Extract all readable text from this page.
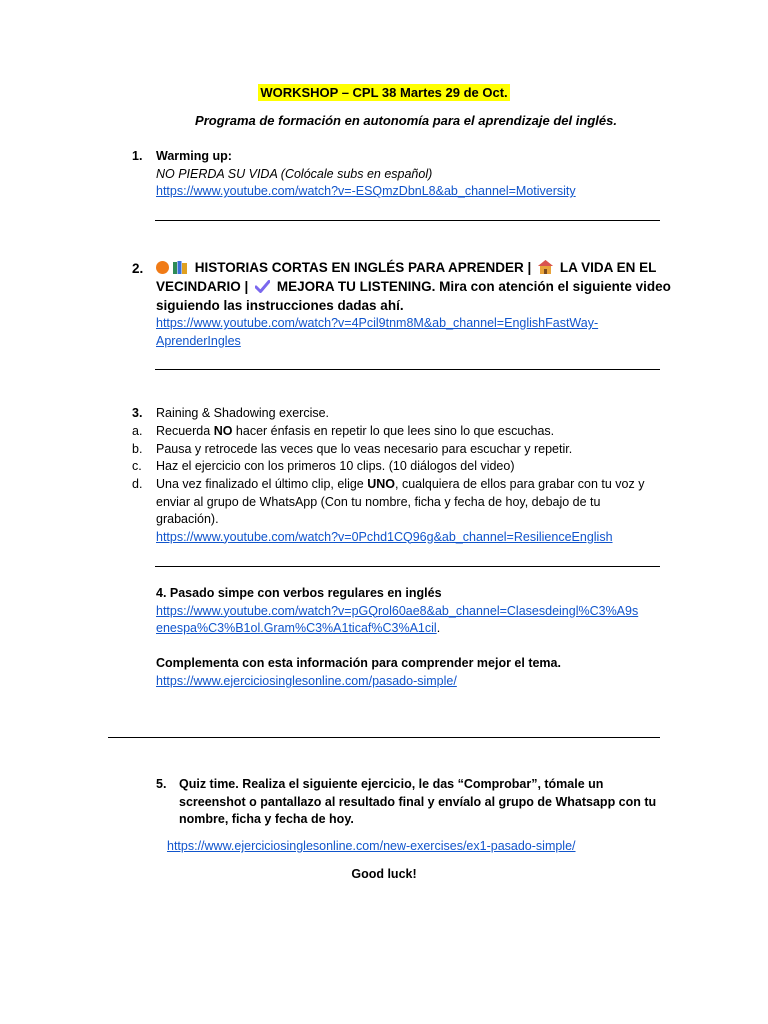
WORKSHOP – CPL 38 Martes 29 de Oct.
Programa de formación en autonomía para el aprendizaje del inglés.
1. Warming up:
NO PIERDA SU VIDA (Colócale subs en español)
https://www.youtube.com/watch?v=-ESQmzDbnL8&ab_channel=Motiversity
2.	HISTORIAS CORTAS EN INGLÉS PARA APRENDER | LA VIDA EN EL
VECINDARIO | MEJORA TU LISTENING. Mira con atención el siguiente video
siguiendo las instrucciones dadas ahí.
https://www.youtube.com/watch?v=4Pcil9tnm8M&ab_channel=EnglishFastWay-
AprenderIngles
3. Raining & Shadowing exercise.
a. Recuerda NO hacer énfasis en repetir lo que lees sino lo que escuchas.
b. Pausa y retrocede las veces que lo veas necesario para escuchar y repetir.
c. Haz el ejercicio con los primeros 10 clips. (10 diálogos del video)
d. Una vez finalizado el último clip, elige UNO, cualquiera de ellos para grabar con tu voz y
enviar al grupo de WhatsApp (Con tu nombre, ficha y fecha de hoy, debajo de tu
grabación).
https://www.youtube.com/watch?v=0Pchd1CQ96g&ab_channel=ResilienceEnglish
4. Pasado simpe con verbos regulares en inglés
https://www.youtube.com/watch?v=pGQrol60ae8&ab_channel=Clasesdeingl%C3%A9s
enespa%C3%B1ol.Gram%C3%A1ticaf%C3%A1cil.
Complementa con esta información para comprender mejor el tema.
https://www.ejerciciosinglesonline.com/pasado-simple/
5. Quiz time. Realiza el siguiente ejercicio, le das “Comprobar”, tómale un
screenshot o pantallazo al resultado final y envíalo al grupo de Whatsapp con tu
nombre, ficha y fecha de hoy.
https://www.ejerciciosinglesonline.com/new-exercises/ex1-pasado-simple/
Good luck!
